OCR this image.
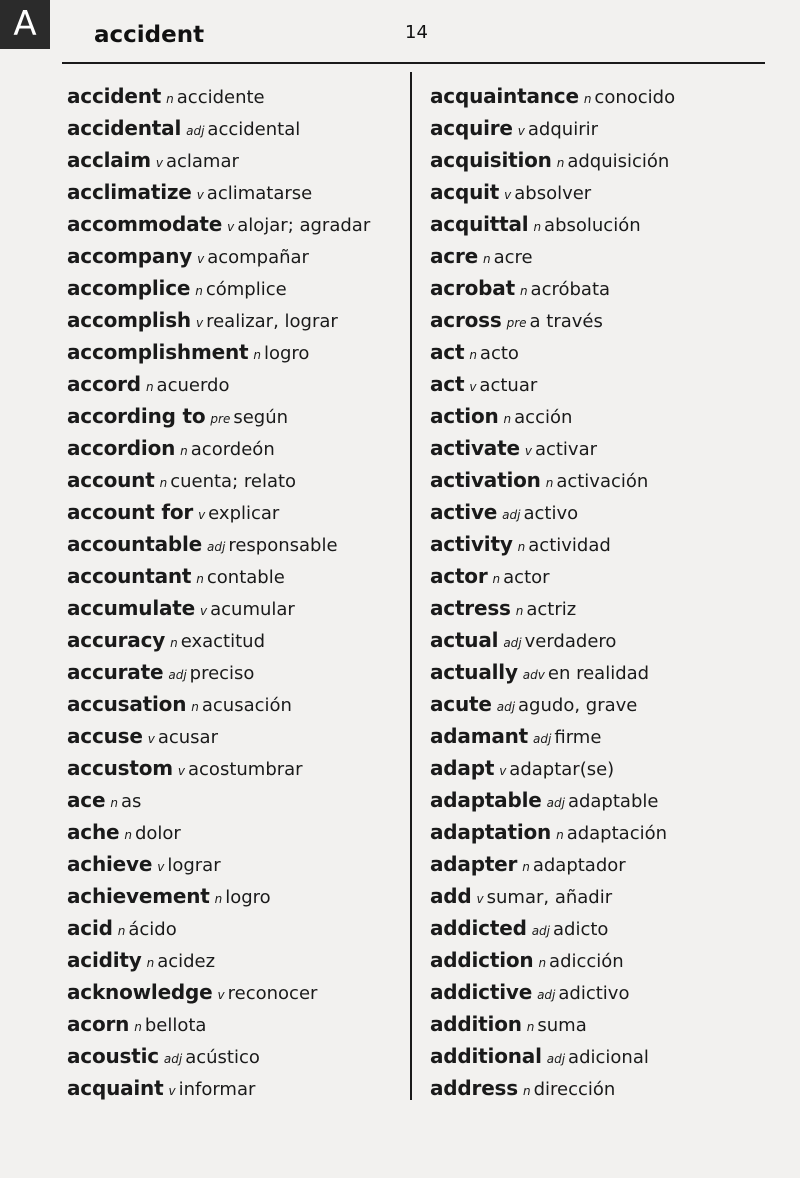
A	accident	14
accident n accidente
accidental adj accidental
acclaim v aclamar
acclimatize v aclimatarse
accommodate v alojar; agradar
accompany v acompañar
accomplice n cómplice
accomplish v realizar, lograr
accomplishment n logro
accord n acuerdo
according to pre según
accordion n acordeón
account n cuenta; relato
account for v explicar
accountable adj responsable
accountant n contable
accumulate v acumular
accuracy n exactitud
accurate adj preciso
accusation n acusación
accuse v acusar
accustom v acostumbrar
ace n as
ache n dolor
achieve v lograr
achievement n logro
acid n ácido
acidity n acidez
acknowledge v reconocer
acorn n bellota
acoustic adj acústico
acquaint v informar
acquaintance n conocido
acquire v adquirir
acquisition n adquisición
acquit v absolver
acquittal n absolución
acre n acre
acrobat n acróbata
across pre a través
act n acto
act v actuar
action n acción
activate v activar
activation n activación
active adj activo
activity n actividad
actor n actor
actress n actriz
actual adj verdadero
actually adv en realidad
acute adj agudo, grave
adamant adj firme
adapt v adaptar(se)
adaptable adj adaptable
adaptation n adaptación
adapter n adaptador
add v sumar, añadir
addicted adj adicto
addiction n adicción
addictive adj adictivo
addition n suma
additional adj adicional
address n dirección
